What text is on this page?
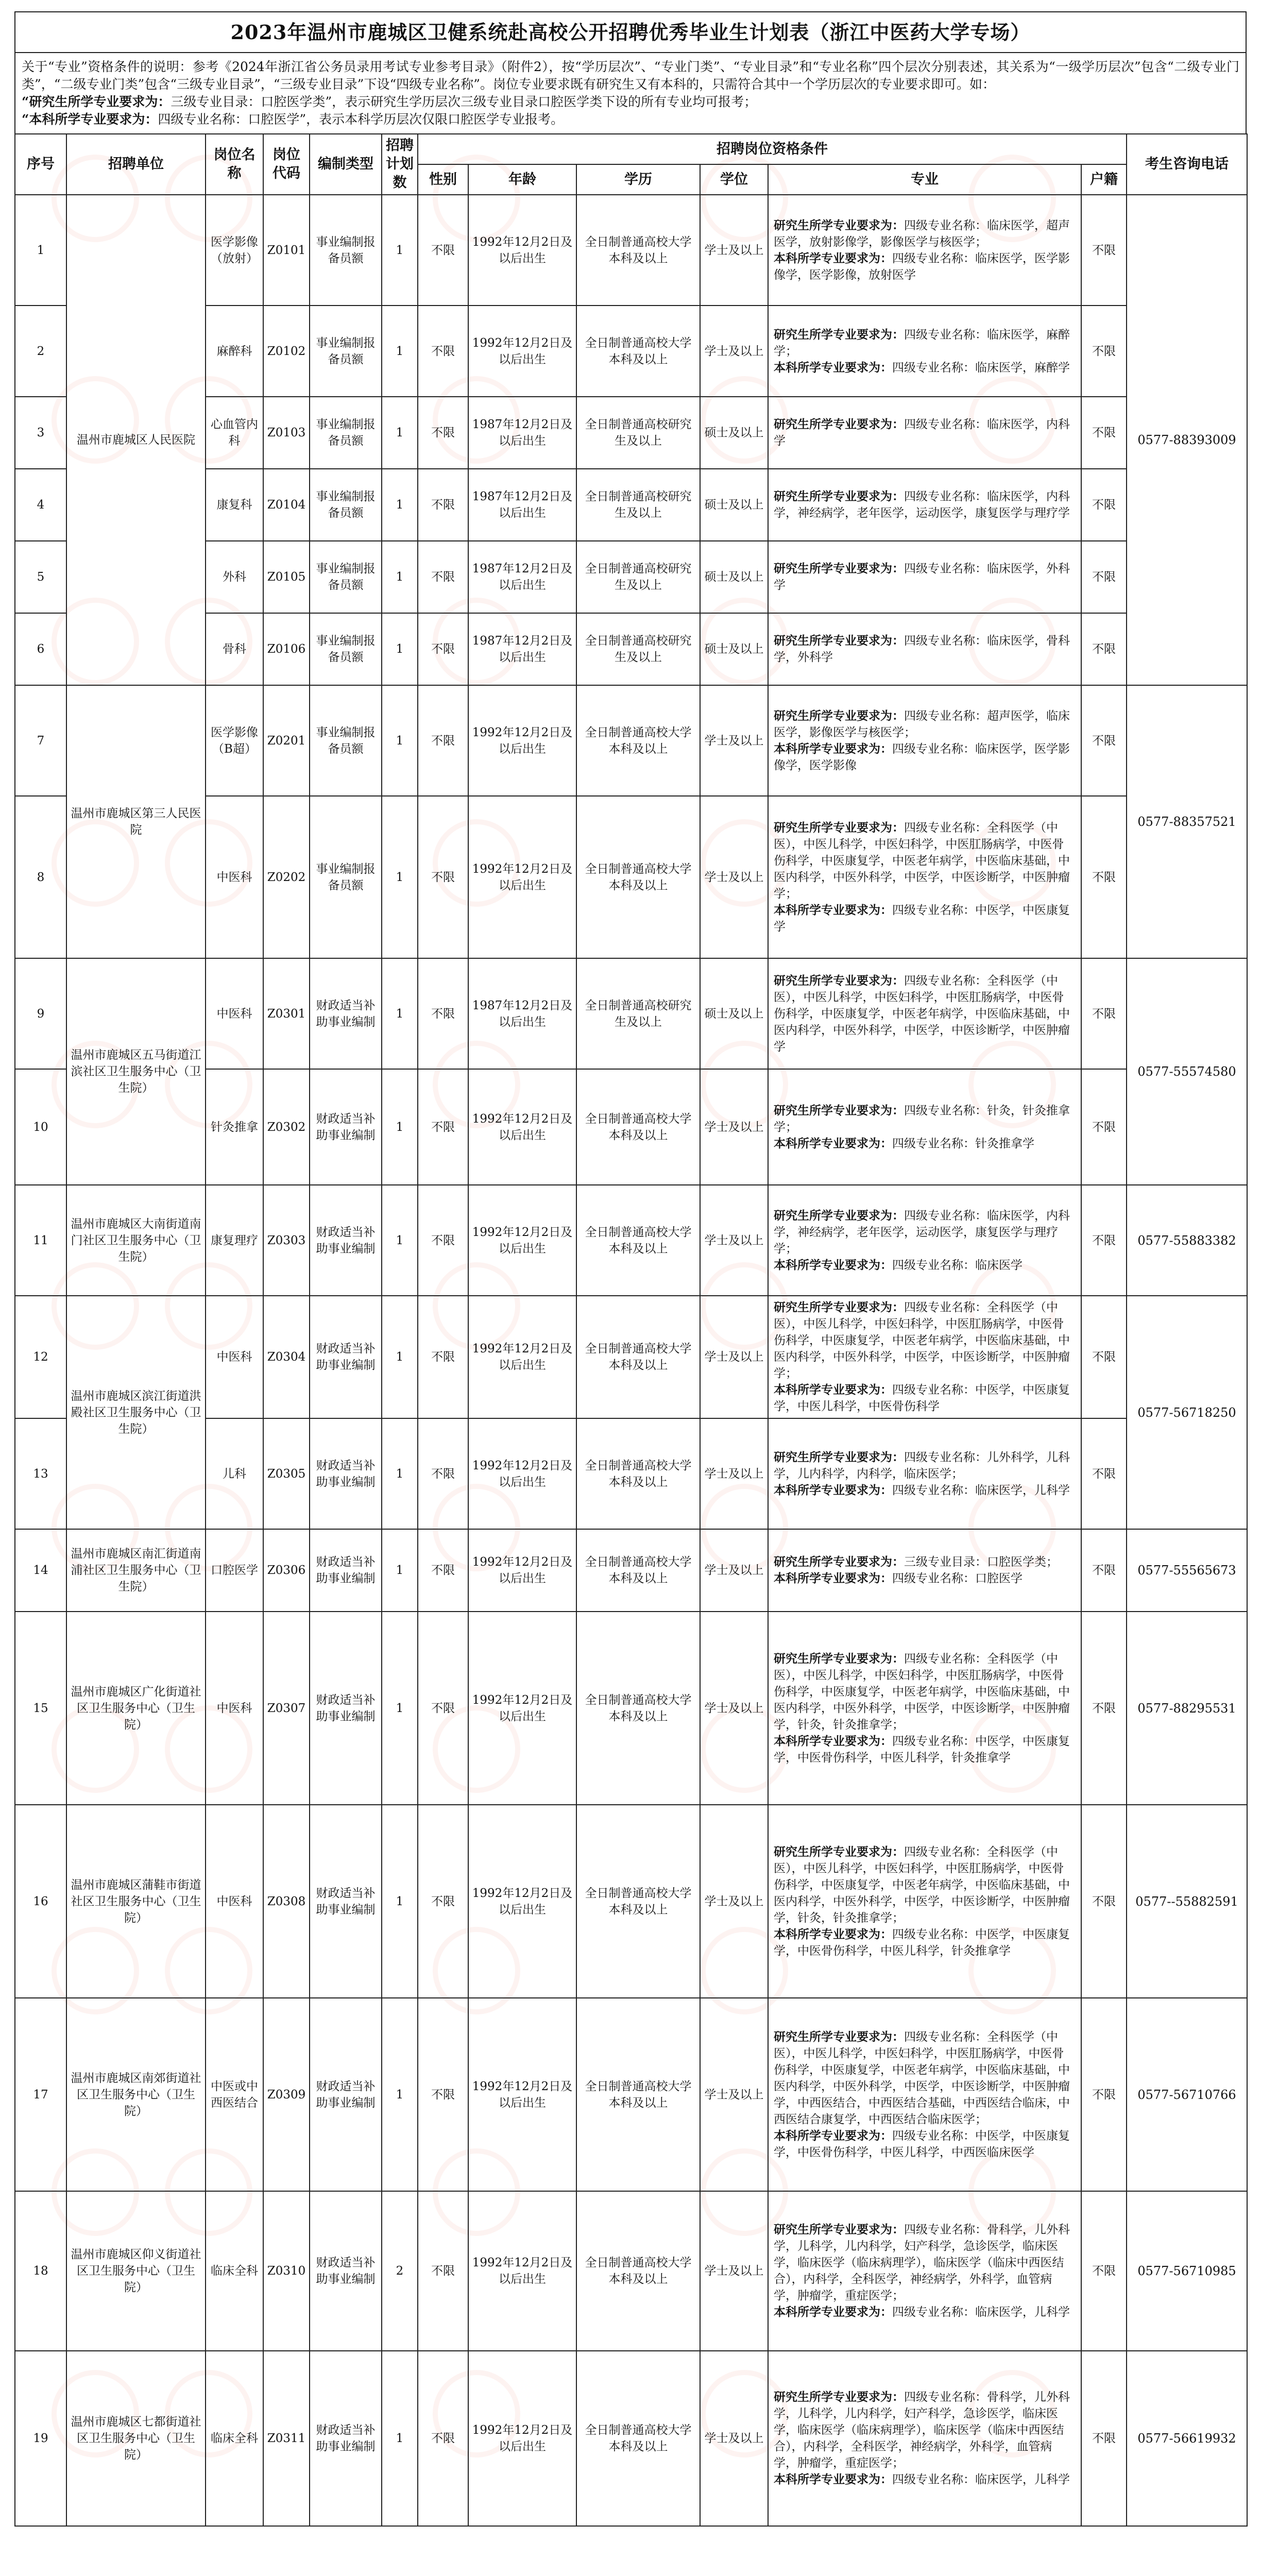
2023年温州市鹿城区卫健系统赴高校公开招聘优秀毕业生计划表（浙江中医药大学专场）
关于“专业”资格条件的说明：参考《2024年浙江省公务员录用考试专业参考目录》（附件2），按“学历层次”、“专业门类”、“专业目录”和“专业名称”四个层次分别表述，其关系为“一级学历层次”包含“二级专业门类”，“二级专业门类”包含“三级专业目录”，“三级专业目录”下设“四级专业名称”。岗位专业要求既有研究生又有本科的，只需符合其中一个学历层次的专业要求即可。如：
“研究生所学专业要求为：三级专业目录：口腔医学类”，表示研究生学历层次三级专业目录口腔医学类下设的所有专业均可报考；
“本科所学专业要求为：四级专业名称：口腔医学”，表示本科学历层次仅限口腔医学专业报考。
序号	招聘单位	岗位名称	岗位代码	编制类型	招聘计划数	招聘岗位资格条件						考生咨询电话
						性别	年龄	学历	学位	专业	户籍	
1	温州市鹿城区人民医院	医学影像（放射）	Z0101	事业编制报备员额	1	不限	1992年12月2日及以后出生	全日制普通高校大学本科及以上	学士及以上	研究生所学专业要求为：四级专业名称：临床医学，超声医学，放射影像学，影像医学与核医学；
本科所学专业要求为：四级专业名称：临床医学，医学影像学，医学影像，放射医学	不限	0577-88393009
2		麻醉科	Z0102	事业编制报备员额	1	不限	1992年12月2日及以后出生	全日制普通高校大学本科及以上	学士及以上	研究生所学专业要求为：四级专业名称：临床医学，麻醉学；
本科所学专业要求为：四级专业名称：临床医学，麻醉学	不限	
3		心血管内科	Z0103	事业编制报备员额	1	不限	1987年12月2日及以后出生	全日制普通高校研究生及以上	硕士及以上	研究生所学专业要求为：四级专业名称：临床医学，内科学	不限	
4		康复科	Z0104	事业编制报备员额	1	不限	1987年12月2日及以后出生	全日制普通高校研究生及以上	硕士及以上	研究生所学专业要求为：四级专业名称：临床医学，内科学，神经病学，老年医学，运动医学，康复医学与理疗学	不限	
5		外科	Z0105	事业编制报备员额	1	不限	1987年12月2日及以后出生	全日制普通高校研究生及以上	硕士及以上	研究生所学专业要求为：四级专业名称：临床医学，外科学	不限	
6		骨科	Z0106	事业编制报备员额	1	不限	1987年12月2日及以后出生	全日制普通高校研究生及以上	硕士及以上	研究生所学专业要求为：四级专业名称：临床医学，骨科学，外科学	不限	
7	温州市鹿城区第三人民医院	医学影像（B超）	Z0201	事业编制报备员额	1	不限	1992年12月2日及以后出生	全日制普通高校大学本科及以上	学士及以上	研究生所学专业要求为：四级专业名称：超声医学，临床医学，影像医学与核医学；
本科所学专业要求为：四级专业名称：临床医学，医学影像学，医学影像	不限	0577-88357521
8		中医科	Z0202	事业编制报备员额	1	不限	1992年12月2日及以后出生	全日制普通高校大学本科及以上	学士及以上	研究生所学专业要求为：四级专业名称：全科医学（中医），中医儿科学，中医妇科学，中医肛肠病学，中医骨伤科学，中医康复学，中医老年病学，中医临床基础，中医内科学，中医外科学，中医学，中医诊断学，中医肿瘤学；
本科所学专业要求为：四级专业名称：中医学，中医康复学	不限	
9	温州市鹿城区五马街道江滨社区卫生服务中心（卫生院）	中医科	Z0301	财政适当补助事业编制	1	不限	1987年12月2日及以后出生	全日制普通高校研究生及以上	硕士及以上	研究生所学专业要求为：四级专业名称：全科医学（中医），中医儿科学，中医妇科学，中医肛肠病学，中医骨伤科学，中医康复学，中医老年病学，中医临床基础，中医内科学，中医外科学，中医学，中医诊断学，中医肿瘤学	不限	0577-55574580
10		针灸推拿	Z0302	财政适当补助事业编制	1	不限	1992年12月2日及以后出生	全日制普通高校大学本科及以上	学士及以上	研究生所学专业要求为：四级专业名称：针灸，针灸推拿学；
本科所学专业要求为：四级专业名称：针灸推拿学	不限	
11	温州市鹿城区大南街道南门社区卫生服务中心（卫生院）	康复理疗	Z0303	财政适当补助事业编制	1	不限	1992年12月2日及以后出生	全日制普通高校大学本科及以上	学士及以上	研究生所学专业要求为：四级专业名称：临床医学，内科学，神经病学，老年医学，运动医学，康复医学与理疗学；
本科所学专业要求为：四级专业名称：临床医学	不限	0577-55883382
12	温州市鹿城区滨江街道洪殿社区卫生服务中心（卫生院）	中医科	Z0304	财政适当补助事业编制	1	不限	1992年12月2日及以后出生	全日制普通高校大学本科及以上	学士及以上	研究生所学专业要求为：四级专业名称：全科医学（中医），中医儿科学，中医妇科学，中医肛肠病学，中医骨伤科学，中医康复学，中医老年病学，中医临床基础，中医内科学，中医外科学，中医学，中医诊断学，中医肿瘤学；
本科所学专业要求为：四级专业名称：中医学，中医康复学，中医儿科学，中医骨伤科学	不限	0577-56718250
13		儿科	Z0305	财政适当补助事业编制	1	不限	1992年12月2日及以后出生	全日制普通高校大学本科及以上	学士及以上	研究生所学专业要求为：四级专业名称：儿外科学，儿科学，儿内科学，内科学，临床医学；
本科所学专业要求为：四级专业名称：临床医学，儿科学	不限	
14	温州市鹿城区南汇街道南浦社区卫生服务中心（卫生院）	口腔医学	Z0306	财政适当补助事业编制	1	不限	1992年12月2日及以后出生	全日制普通高校大学本科及以上	学士及以上	研究生所学专业要求为：三级专业目录：口腔医学类；
本科所学专业要求为：四级专业名称：口腔医学	不限	0577-55565673
15	温州市鹿城区广化街道社区卫生服务中心（卫生院）	中医科	Z0307	财政适当补助事业编制	1	不限	1992年12月2日及以后出生	全日制普通高校大学本科及以上	学士及以上	研究生所学专业要求为：四级专业名称：全科医学（中医），中医儿科学，中医妇科学，中医肛肠病学，中医骨伤科学，中医康复学，中医老年病学，中医临床基础，中医内科学，中医外科学，中医学，中医诊断学，中医肿瘤学，针灸，针灸推拿学；
本科所学专业要求为：四级专业名称：中医学，中医康复学，中医骨伤科学，中医儿科学，针灸推拿学	不限	0577-88295531
16	温州市鹿城区蒲鞋市街道社区卫生服务中心（卫生院）	中医科	Z0308	财政适当补助事业编制	1	不限	1992年12月2日及以后出生	全日制普通高校大学本科及以上	学士及以上	研究生所学专业要求为：四级专业名称：全科医学（中医），中医儿科学，中医妇科学，中医肛肠病学，中医骨伤科学，中医康复学，中医老年病学，中医临床基础，中医内科学，中医外科学，中医学，中医诊断学，中医肿瘤学，针灸，针灸推拿学；
本科所学专业要求为：四级专业名称：中医学，中医康复学，中医骨伤科学，中医儿科学，针灸推拿学	不限	0577--55882591
17	温州市鹿城区南郊街道社区卫生服务中心（卫生院）	中医或中西医结合	Z0309	财政适当补助事业编制	1	不限	1992年12月2日及以后出生	全日制普通高校大学本科及以上	学士及以上	研究生所学专业要求为：四级专业名称：全科医学（中医），中医儿科学，中医妇科学，中医肛肠病学，中医骨伤科学，中医康复学，中医老年病学，中医临床基础，中医内科学，中医外科学，中医学，中医诊断学，中医肿瘤学，中西医结合，中西医结合基础，中西医结合临床，中西医结合康复学，中西医结合临床医学；
本科所学专业要求为：四级专业名称：中医学，中医康复学，中医骨伤科学，中医儿科学，中西医临床医学	不限	0577-56710766
18	温州市鹿城区仰义街道社区卫生服务中心（卫生院）	临床全科	Z0310	财政适当补助事业编制	2	不限	1992年12月2日及以后出生	全日制普通高校大学本科及以上	学士及以上	研究生所学专业要求为：四级专业名称：骨科学，儿外科学，儿科学，儿内科学，妇产科学，急诊医学，临床医学，临床医学（临床病理学），临床医学（临床中西医结合），内科学，全科医学，神经病学，外科学，血管病学，肿瘤学，重症医学；
本科所学专业要求为：四级专业名称：临床医学，儿科学	不限	0577-56710985
19	温州市鹿城区七都街道社区卫生服务中心（卫生院）	临床全科	Z0311	财政适当补助事业编制	1	不限	1992年12月2日及以后出生	全日制普通高校大学本科及以上	学士及以上	研究生所学专业要求为：四级专业名称：骨科学，儿外科学，儿科学，儿内科学，妇产科学，急诊医学，临床医学，临床医学（临床病理学），临床医学（临床中西医结合），内科学，全科医学，神经病学，外科学，血管病学，肿瘤学，重症医学；
本科所学专业要求为：四级专业名称：临床医学，儿科学	不限	0577-56619932
